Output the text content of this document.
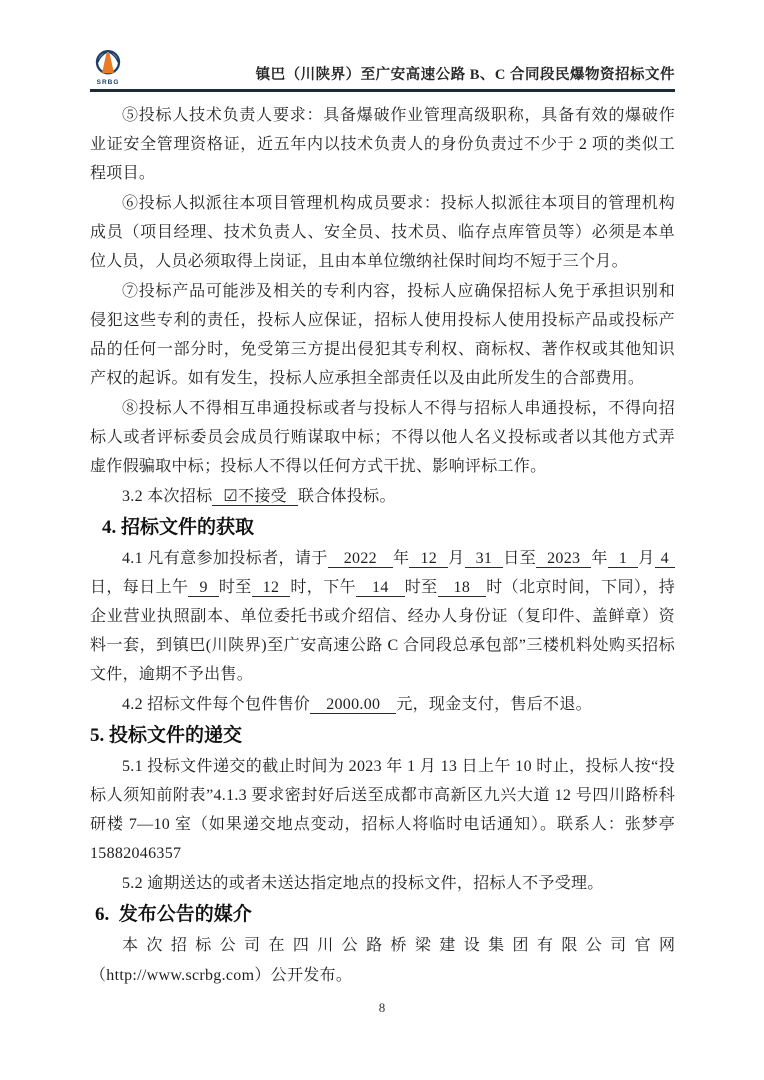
SRBG	镇巴（川陕界）至广安高速公路 B、C 合同段民爆物资招标文件

⑤投标人技术负责人要求：具备爆破作业管理高级职称，具备有效的爆破作业证安全管理资格证，近五年内以技术负责人的身份负责过不少于 2 项的类似工程项目。

⑥投标人拟派往本项目管理机构成员要求：投标人拟派往本项目的管理机构成员（项目经理、技术负责人、安全员、技术员、临存点库管员等）必须是本单位人员，人员必须取得上岗证，且由本单位缴纳社保时间均不短于三个月。

⑦投标产品可能涉及相关的专利内容，投标人应确保招标人免于承担识别和侵犯这些专利的责任，投标人应保证，招标人使用投标人使用投标产品或投标产品的任何一部分时，免受第三方提出侵犯其专利权、商标权、著作权或其他知识产权的起诉。如有发生，投标人应承担全部责任以及由此所发生的合部费用。

⑧投标人不得相互串通投标或者与投标人不得与招标人串通投标，不得向招标人或者评标委员会成员行贿谋取中标；不得以他人名义投标或者以其他方式弄虚作假骗取中标；投标人不得以任何方式干扰、影响评标工作。

3.2 本次招标 ☑不接受 联合体投标。

4. 招标文件的获取

4.1 凡有意参加投标者，请于 2022 年 12 月 31 日至 2023 年 1 月 4日，每日上午 9 时至 12 时，下午 14 时至 18 时（北京时间，下同），持企业营业执照副本、单位委托书或介绍信、经办人身份证（复印件、盖鲜章）资料一套，到镇巴(川陕界)至广安高速公路 C 合同段总承包部”三楼机料处购买招标文件，逾期不予出售。

4.2 招标文件每个包件售价 2000.00 元，现金支付，售后不退。

5. 投标文件的递交

5.1 投标文件递交的截止时间为 2023 年 1 月 13 日上午 10 时止，投标人按“投标人须知前附表”4.1.3 要求密封好后送至成都市高新区九兴大道 12 号四川路桥科研楼 7—10 室（如果递交地点变动，招标人将临时电话通知）。联系人：张梦亭 15882046357

5.2 逾期送达的或者未送达指定地点的投标文件，招标人不予受理。

6. 发布公告的媒介
本次招标公司在四川公路桥梁建设集团有限公司官网
（http://www.scrbg.com）公开发布。
8
